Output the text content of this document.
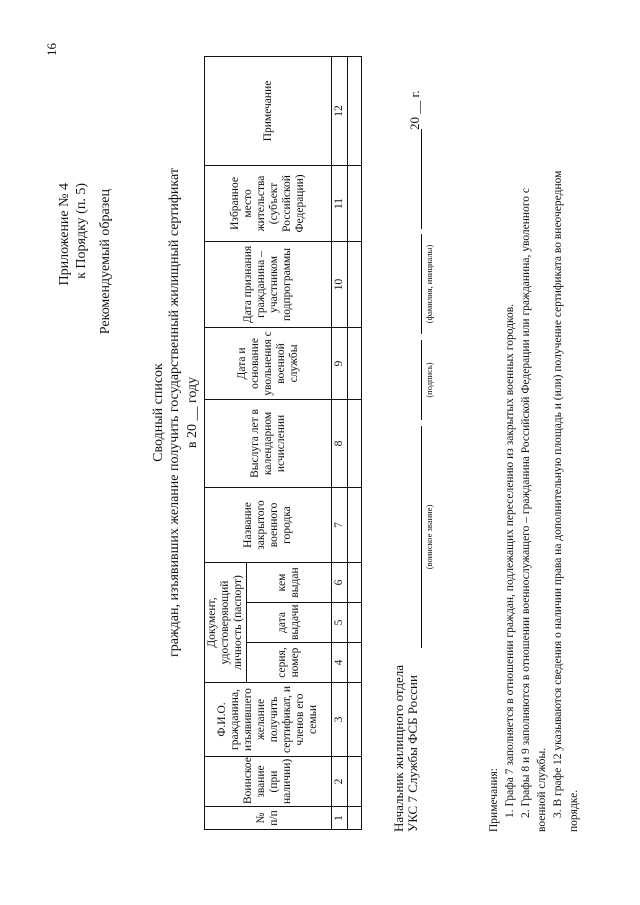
16
Приложение № 4 к Порядку (п. 5) Рекомендуемый образец
Сводный список граждан, изъявивших желание получить государственный жилищный сертификат в 20 __ году
№ п/п	Воинское звание (при наличии)	Ф.И.О. гражданина, изъявившего желание получить сертификат, и членов его семьи	Документ, удостоверяющий личность (паспорт)			Название закрытого военного городка	Выслуга лет в календарном исчислении	Дата и основание увольнения с военной службы	Дата признания гражданина – участником подпрограммы	Избранное место жительства (субъект Российской Федерации)	Примечание
			серия, номер	дата выдачи	кем выдан						
1	2	3	4	5	6	7	8	9	10	11	12

Начальник жилищного отдела УКС 7 Службы ФСБ России
(воинское звание)
(подпись)
(фамилия, инициалы)
20 __ г.
Примечания: 1. Графа 7 заполняется в отношении граждан, подлежащих переселению из закрытых военных городков. 2. Графы 8 и 9 заполняются в отношении военнослужащего – гражданина Российской Федерации или гражданина, уволенного с военной службы. 3. В графе 12 указываются сведения о наличии права на дополнительную площадь и (или) получение сертификата во внеочередном порядке.
